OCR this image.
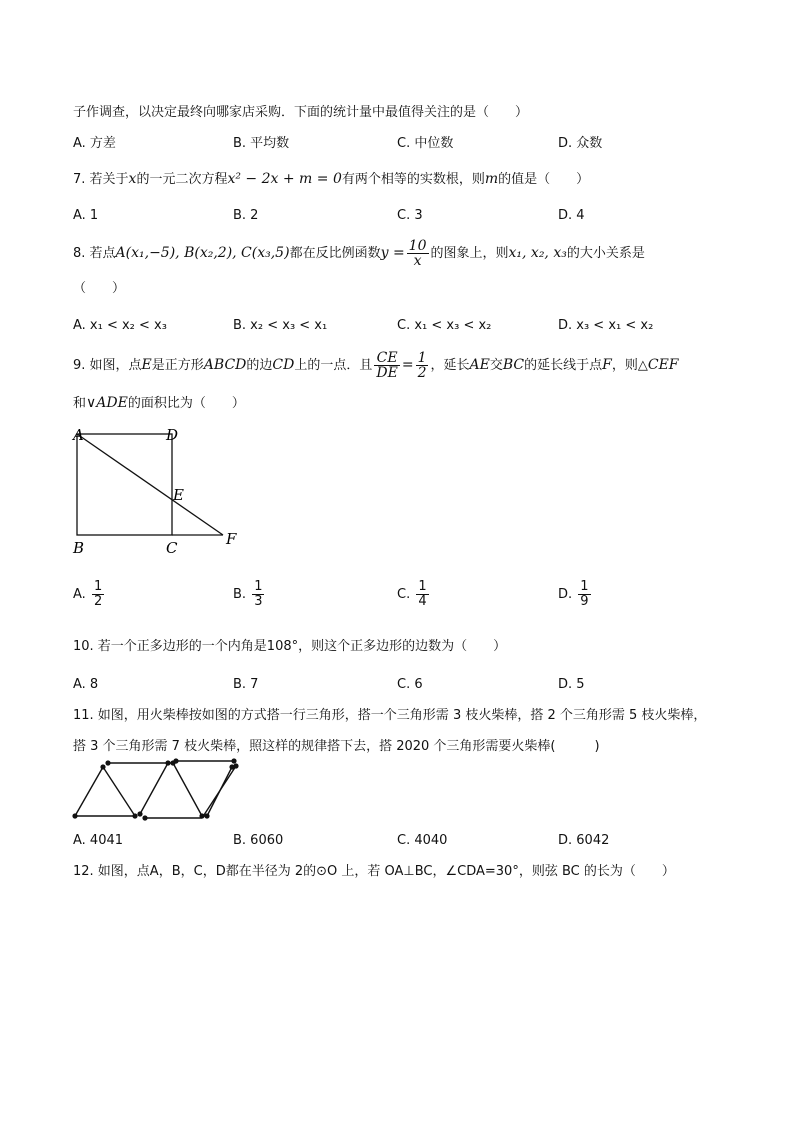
子作调查，以决定最终向哪家店采购．下面的统计量中最值得关注的是（　　）
A. 方差	B. 平均数	C. 中位数	D. 众数
7. 若关于x的一元二次方程x² − 2x + m = 0有两个相等的实数根，则m的值是（　　）
A. 1	B. 2	C. 3	D. 4
8. 若点A(x₁,−5), B(x₂,2), C(x₃,5)都在反比例函数$y = \frac{10}{x}$ 的图象上，则x₁, x₂, x₃的大小关系是
（　　）
A. x₁ < x₂ < x₃	B. x₂ < x₃ < x₁	C. x₁ < x₃ < x₂	D. x₃ < x₁ < x₂
9. 如图，点E是正方形ABCD的边CD上的一点．且 $\frac{CE}{DE} = \frac{1}{2}$ ，延长AE交BC的延长线于点F，则△CEF
和∨ADE的面积比为（　　）
A	D
E
B	C	F
A. $\frac{1}{2}$	B. $\frac{1}{3}$	C. $\frac{1}{4}$	D. $\frac{1}{9}$
10. 若一个正多边形的一个内角是108°，则这个正多边形的边数为（　　）
A. 8	B. 7	C. 6	D. 5
11. 如图，用火柴棒按如图的方式搭一行三角形，搭一个三角形需 3 枝火柴棒，搭 2 个三角形需 5 枝火柴棒，
搭 3 个三角形需 7 枝火柴棒，照这样的规律搭下去，搭 2020 个三角形需要火柴棒(　　　)
A. 4041	B. 6060	C. 4040	D. 6042
12. 如图，点A，B，C，D都在半径为 2的⊙O 上，若 OA⊥BC，∠CDA=30°，则弦 BC 的长为（　　）
